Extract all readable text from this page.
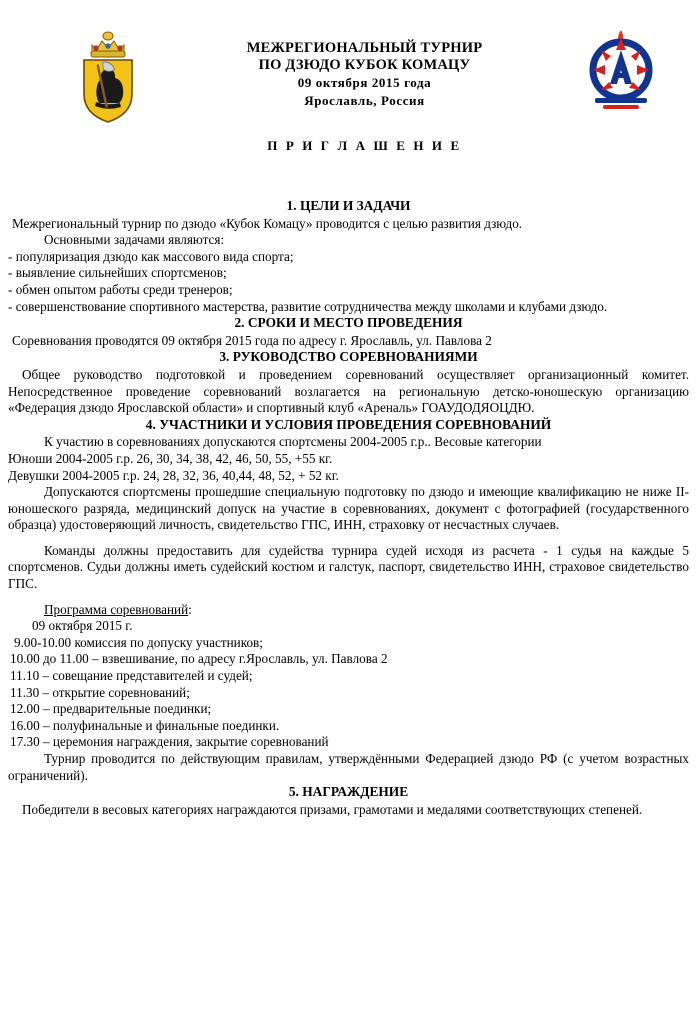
МЕЖРЕГИОНАЛЬНЫЙ ТУРНИР
ПО ДЗЮДО КУБОК КОМАЦУ
09 октября 2015 года
Ярославль, Россия
П Р И Г Л А Ш Е Н И Е
1. ЦЕЛИ И ЗАДАЧИ

Межрегиональный турнир по дзюдо «Кубок Комацу» проводится с целью развития дзюдо.

Основными задачами являются:

- популяризация дзюдо как массового вида спорта;

- выявление сильнейших спортсменов;

- обмен опытом работы среди тренеров;

- совершенствование спортивного мастерства, развитие сотрудничества между школами и клубами дзюдо.

2. СРОКИ И МЕСТО ПРОВЕДЕНИЯ

Соревнования проводятся 09 октября 2015 года по адресу г. Ярославль, ул. Павлова 2

3. РУКОВОДСТВО СОРЕВНОВАНИЯМИ

Общее руководство подготовкой и проведением соревнований осуществляет организационный комитет. Непосредственное проведение соревнований возлагается на региональную детско-юношескую организацию «Федерация дзюдо Ярославской области» и спортивный клуб «Ареналь» ГОАУДОДЯОЦДЮ.

4. УЧАСТНИКИ И УСЛОВИЯ ПРОВЕДЕНИЯ СОРЕВНОВАНИЙ

К участию в соревнованиях допускаются спортсмены 2004-2005 г.р.. Весовые категории

Юноши 2004-2005 г.р. 26, 30, 34, 38, 42, 46, 50, 55, +55 кг.

Девушки 2004-2005 г.р. 24, 28, 32, 36, 40,44, 48, 52, + 52 кг.

Допускаются спортсмены прошедшие специальную подготовку по дзюдо и имеющие квалификацию не ниже II-юношеского разряда, медицинский допуск на участие в соревнованиях, документ с фотографией (государственного образца) удостоверяющий личность, свидетельство ГПС, ИНН, страховку от несчастных случаев.

Команды должны предоставить для судейства турнира судей исходя из расчета - 1 судья на каждые 5 спортсменов. Судьи должны иметь судейский костюм и галстук, паспорт, свидетельство ИНН, страховое свидетельство ГПС.

Программа соревнований:

09 октября 2015 г.

9.00-10.00 комиссия по допуску участников;

10.00 до 11.00 – взвешивание, по адресу г.Ярославль, ул. Павлова 2

11.10 – совещание представителей и судей;

11.30 – открытие соревнований;

12.00 – предварительные поединки;

16.00 – полуфинальные и финальные поединки.

17.30 – церемония награждения, закрытие соревнований

Турнир проводится по действующим правилам, утверждёнными Федерацией дзюдо РФ (с учетом возрастных ограничений).

5. НАГРАЖДЕНИЕ

Победители в весовых категориях награждаются призами, грамотами и медалями соответствующих степеней.
